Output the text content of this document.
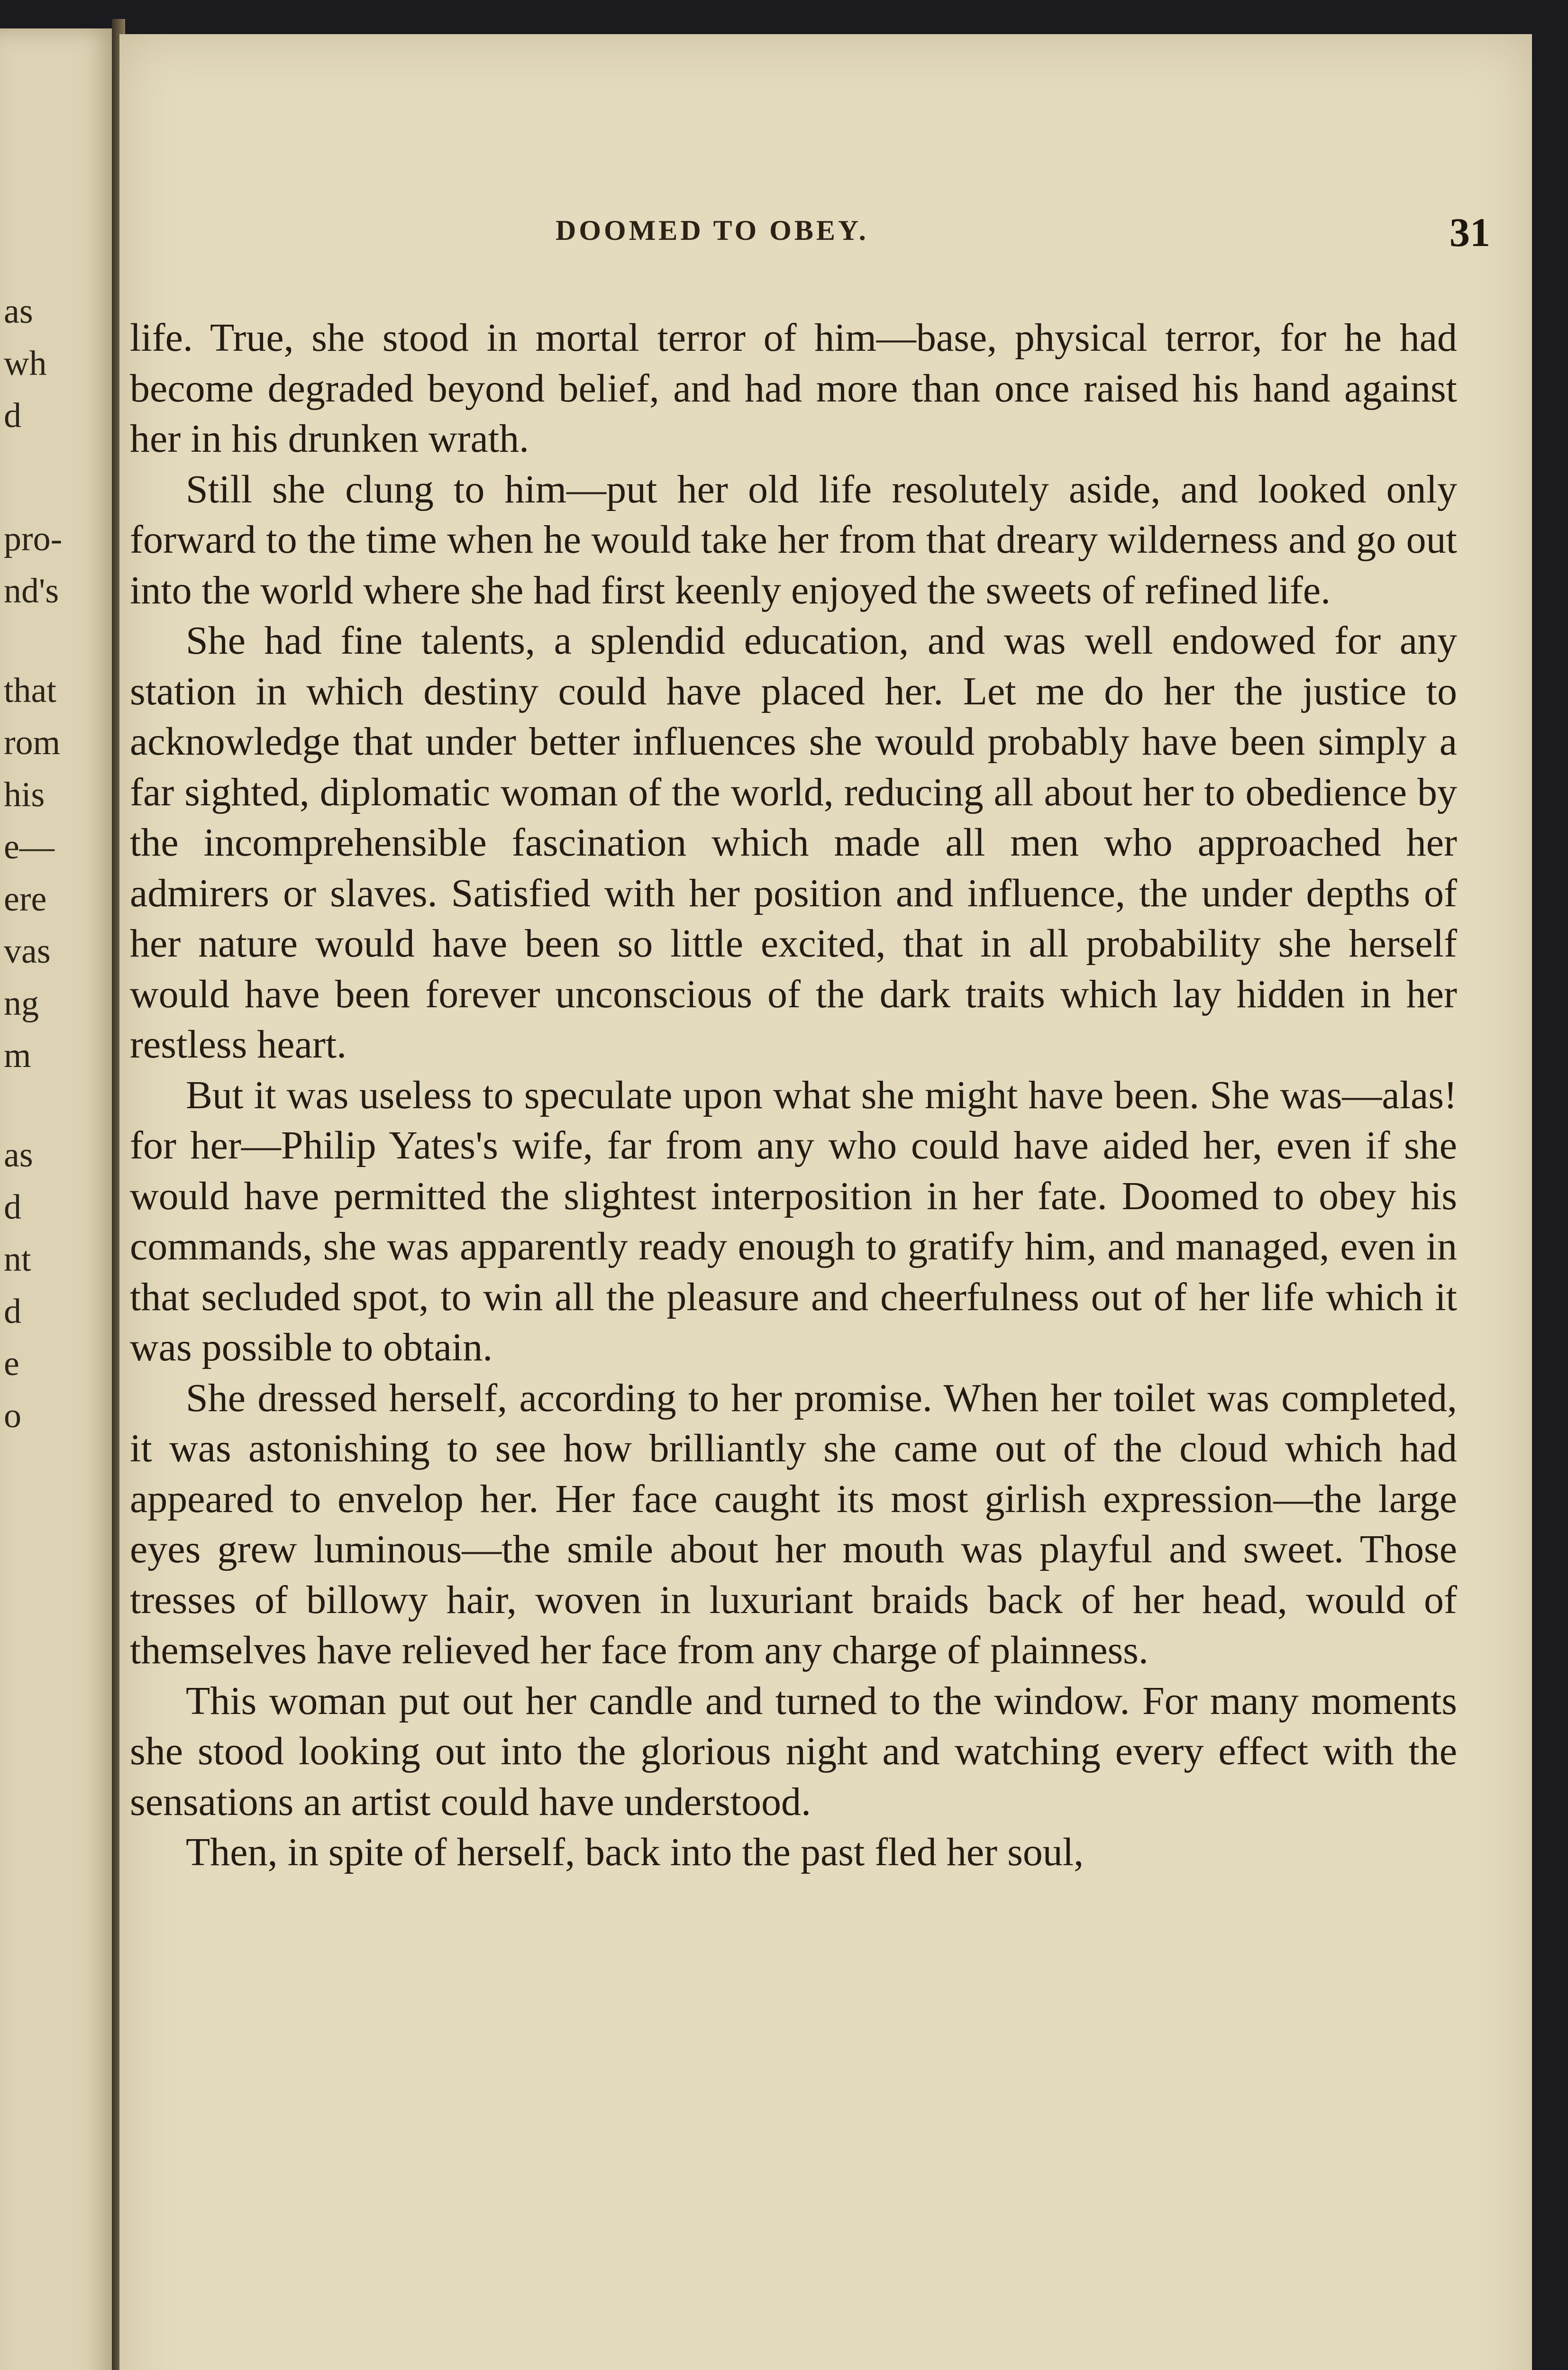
as
wh
d
pro-
nd's
that
rom
his
e—
ere
vas
ng
m
as
d
nt
d
e
o
DOOMED TO OBEY.	31

life. True, she stood in mortal terror of him—base, physical terror, for he had become degraded beyond belief, and had more than once raised his hand against her in his drunken wrath.

Still she clung to him—put her old life resolutely aside, and looked only forward to the time when he would take her from that dreary wilderness and go out into the world where she had first keenly enjoyed the sweets of refined life.

She had fine talents, a splendid education, and was well endowed for any station in which destiny could have placed her. Let me do her the justice to acknowledge that under better influences she would probably have been simply a far sighted, diplomatic woman of the world, reducing all about her to obedience by the incomprehensible fascination which made all men who approached her admirers or slaves. Satisfied with her position and influence, the under depths of her nature would have been so little excited, that in all probability she herself would have been forever unconscious of the dark traits which lay hidden in her restless heart.

But it was useless to speculate upon what she might have been. She was—alas! for her—Philip Yates's wife, far from any who could have aided her, even if she would have permitted the slightest interposition in her fate. Doomed to obey his commands, she was apparently ready enough to gratify him, and managed, even in that secluded spot, to win all the pleasure and cheerfulness out of her life which it was possible to obtain.

She dressed herself, according to her promise. When her toilet was completed, it was astonishing to see how brilliantly she came out of the cloud which had appeared to envelop her. Her face caught its most girlish expression—the large eyes grew luminous—the smile about her mouth was playful and sweet. Those tresses of billowy hair, woven in luxuriant braids back of her head, would of themselves have relieved her face from any charge of plainness.

This woman put out her candle and turned to the window. For many moments she stood looking out into the glorious night and watching every effect with the sensations an artist could have understood.

Then, in spite of herself, back into the past fled her soul,
